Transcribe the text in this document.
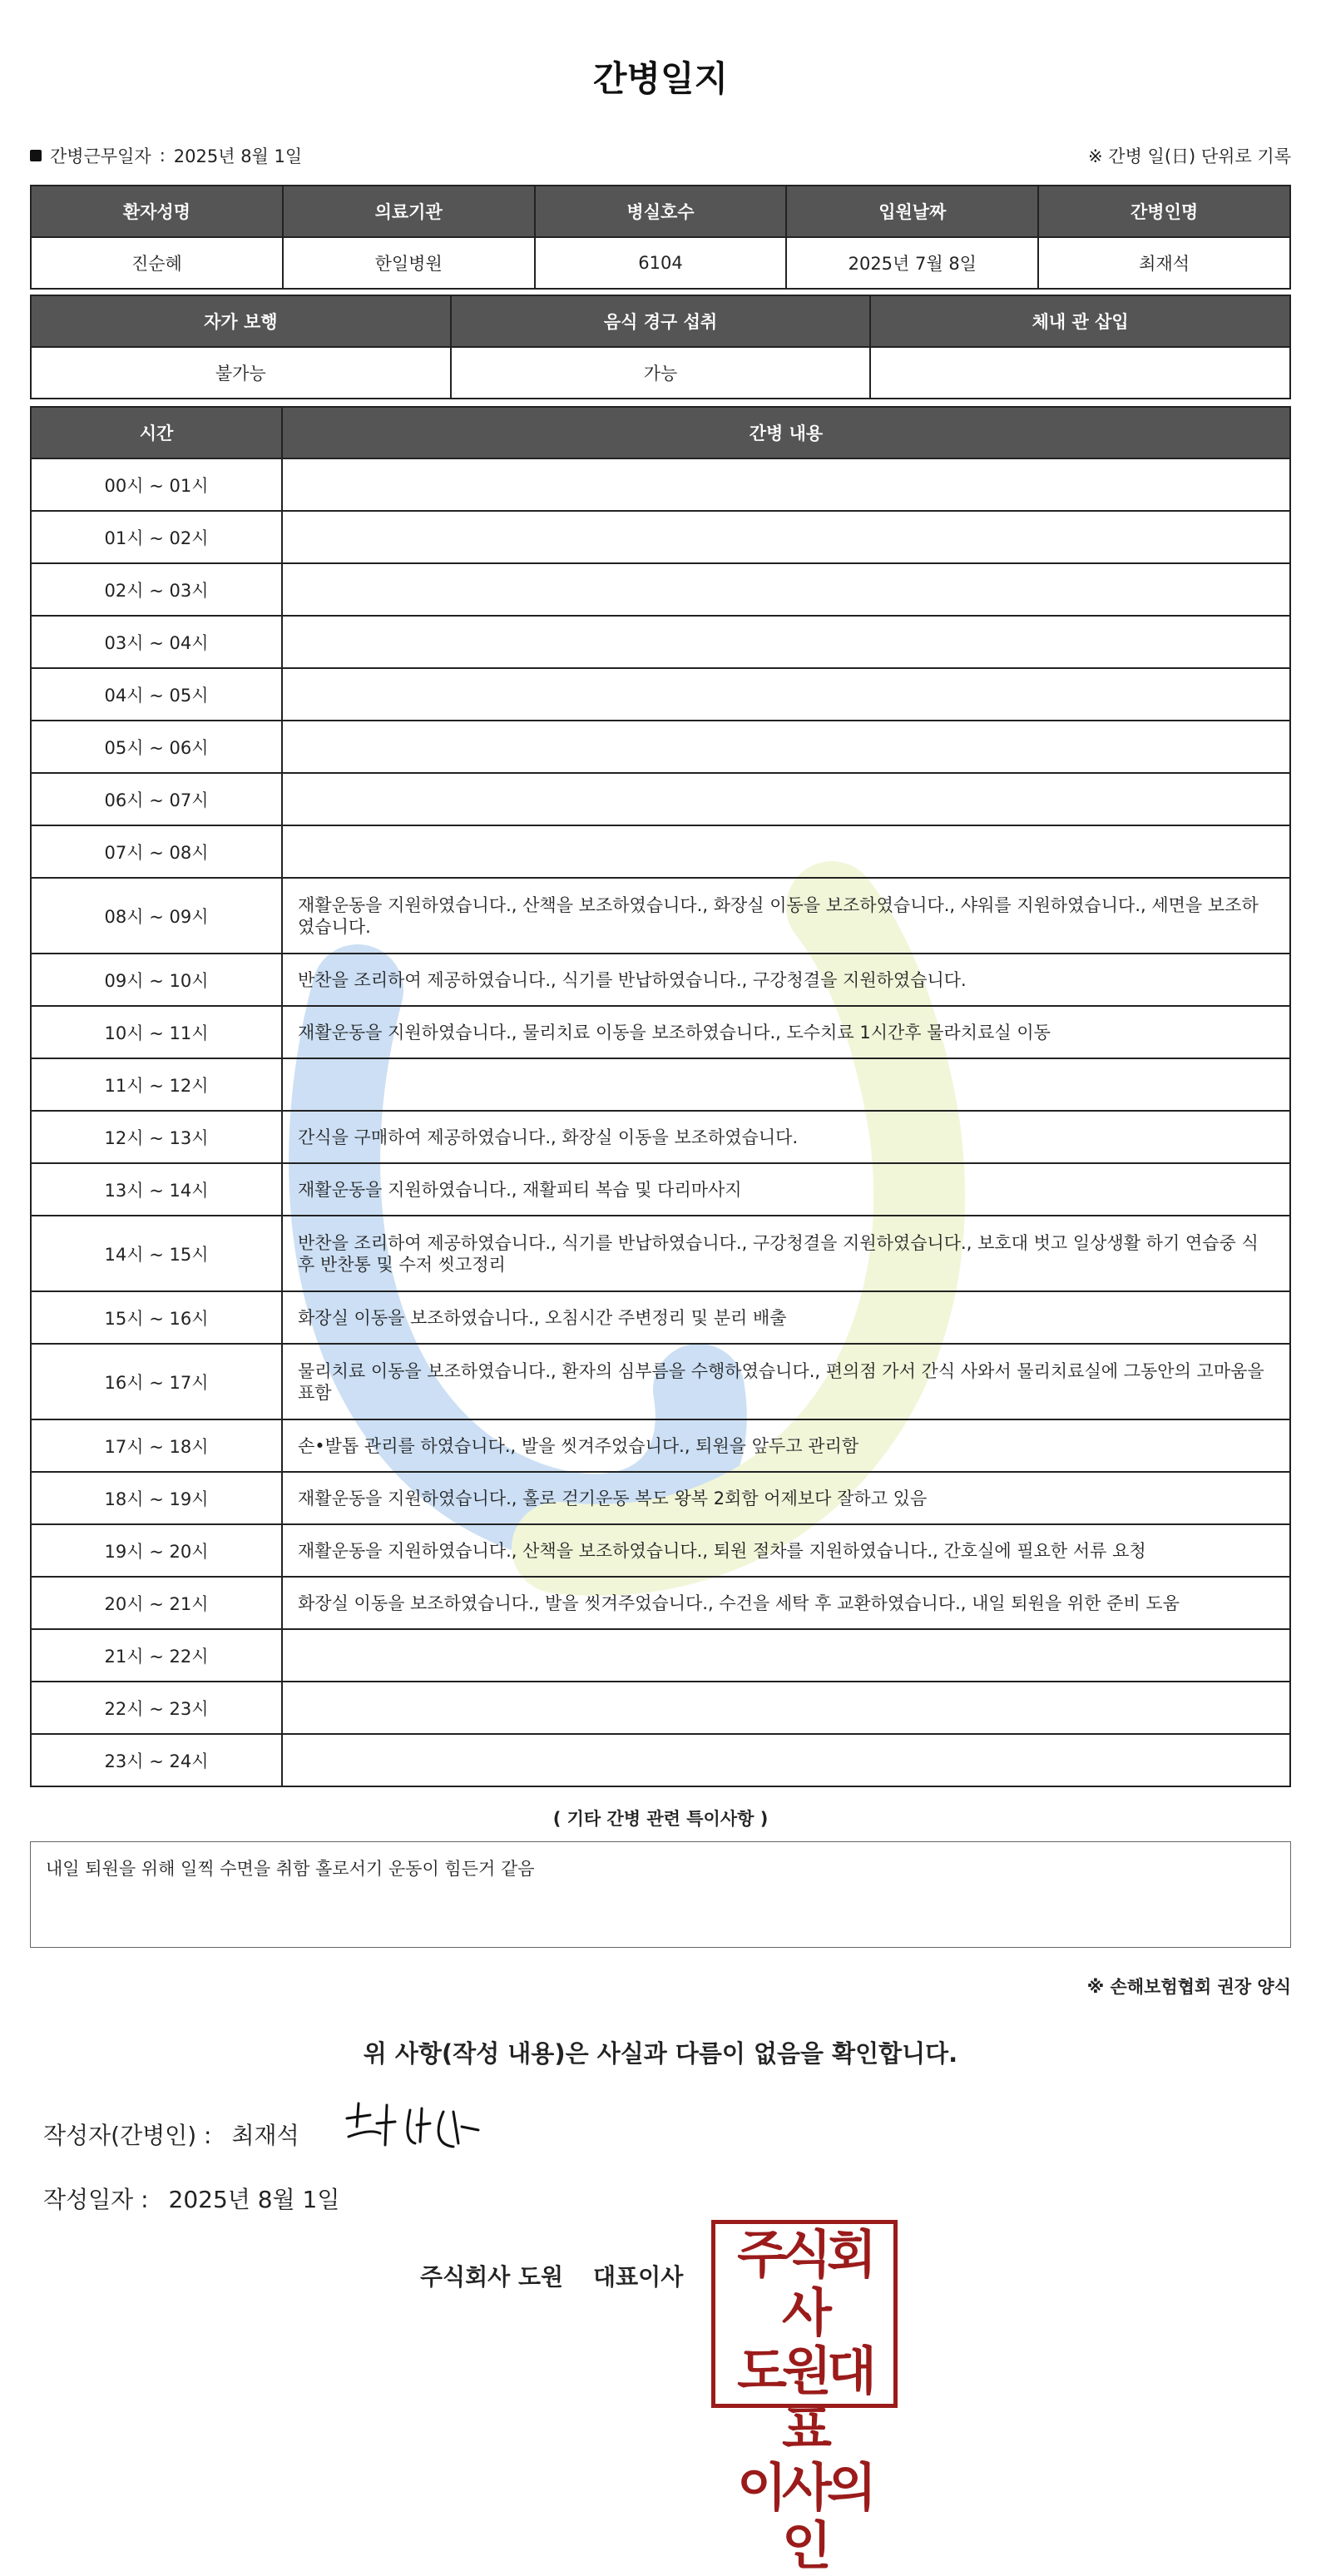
간병일지
간병근무일자 : 2025년 8월 1일	※ 간병 일(日) 단위로 기록
환자성명	의료기관	병실호수	입원날짜	간병인명
진순혜	한일병원	6104	2025년 7월 8일	최재석
자가 보행	음식 경구 섭취	체내 관 삽입
불가능	가능	
시간	간병 내용
00시 ~ 01시	
01시 ~ 02시	
02시 ~ 03시	
03시 ~ 04시	
04시 ~ 05시	
05시 ~ 06시	
06시 ~ 07시	
07시 ~ 08시	
08시 ~ 09시	재활운동을 지원하였습니다., 산책을 보조하였습니다., 화장실 이동을 보조하였습니다., 샤워를 지원하였습니다., 세면을 보조하였습니다.
09시 ~ 10시	반찬을 조리하여 제공하였습니다., 식기를 반납하였습니다., 구강청결을 지원하였습니다.
10시 ~ 11시	재활운동을 지원하였습니다., 물리치료 이동을 보조하였습니다., 도수치료 1시간후 물라치료실 이동
11시 ~ 12시	
12시 ~ 13시	간식을 구매하여 제공하였습니다., 화장실 이동을 보조하였습니다.
13시 ~ 14시	재활운동을 지원하였습니다., 재활피티 복습 및 다리마사지
14시 ~ 15시	반찬을 조리하여 제공하였습니다., 식기를 반납하였습니다., 구강청결을 지원하였습니다., 보호대 벗고 일상생활 하기 연습중 식후 반찬통 및 수저 씻고정리
15시 ~ 16시	화장실 이동을 보조하였습니다., 오침시간 주변정리 및 분리 배출
16시 ~ 17시	물리치료 이동을 보조하였습니다., 환자의 심부름을 수행하였습니다., 편의점 가서 간식 사와서 물리치료실에 그동안의 고마움을 표함
17시 ~ 18시	손•발톱 관리를 하였습니다., 발을 씻겨주었습니다., 퇴원을 앞두고 관리함
18시 ~ 19시	재활운동을 지원하였습니다., 홀로 걷기운동 복도 왕복 2회함 어제보다 잘하고 있음
19시 ~ 20시	재활운동을 지원하였습니다., 산책을 보조하였습니다., 퇴원 절차를 지원하였습니다., 간호실에 필요한 서류 요청
20시 ~ 21시	화장실 이동을 보조하였습니다., 발을 씻겨주었습니다., 수건을 세탁 후 교환하였습니다., 내일 퇴원을 위한 준비 도움
21시 ~ 22시	
22시 ~ 23시	
23시 ~ 24시	
( 기타 간병 관련 특이사항 )
내일 퇴원을 위해 일찍 수면을 취함 홀로서기 운동이 힘든거 같음
※ 손해보험협회 권장 양식
위 사항(작성 내용)은 사실과 다름이 없음을 확인합니다.
작성자(간병인) : 최재석
작성일자 : 2025년 8월 1일
주식회사 도원 대표이사	주식회사
도원대표
이사의인
